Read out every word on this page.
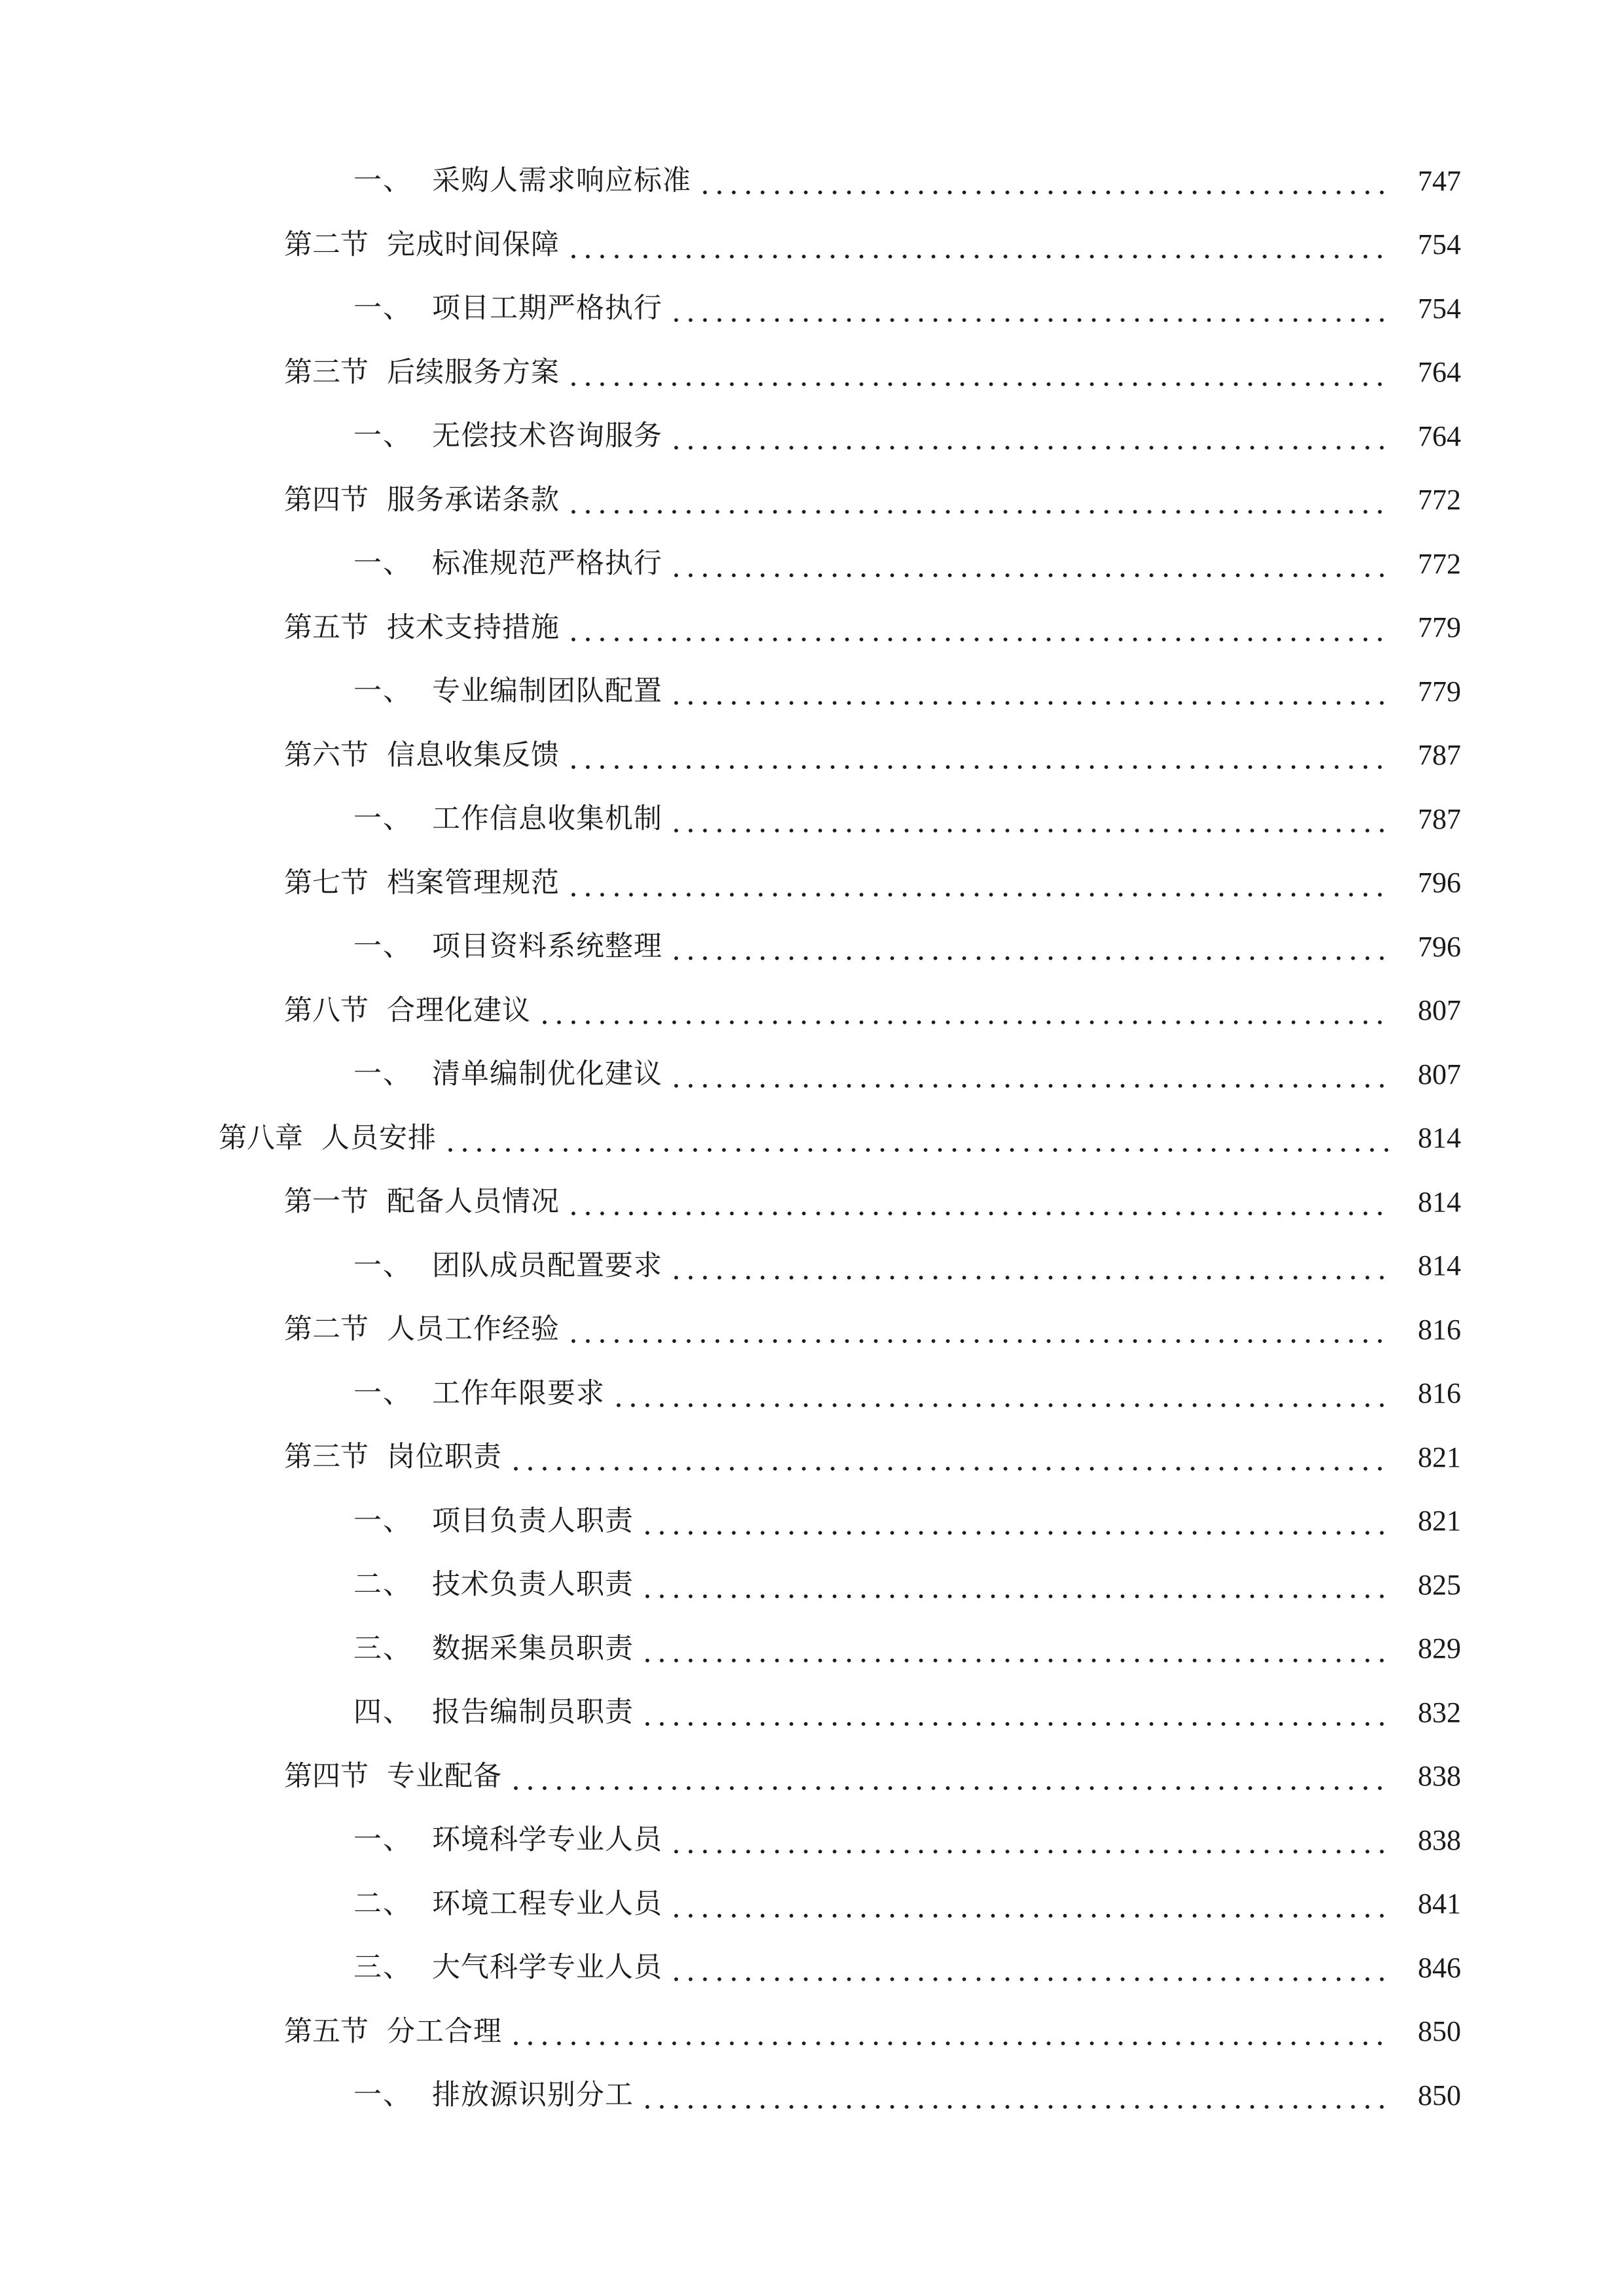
一、 采购人需求响应标准	747
第二节 完成时间保障	754
一、 项目工期严格执行	754
第三节 后续服务方案	764
一、 无偿技术咨询服务	764
第四节 服务承诺条款	772
一、 标准规范严格执行	772
第五节 技术支持措施	779
一、 专业编制团队配置	779
第六节 信息收集反馈	787
一、 工作信息收集机制	787
第七节 档案管理规范	796
一、 项目资料系统整理	796
第八节 合理化建议	807
一、 清单编制优化建议	807
第八章 人员安排	814
第一节 配备人员情况	814
一、 团队成员配置要求	814
第二节 人员工作经验	816
一、 工作年限要求	816
第三节 岗位职责	821
一、 项目负责人职责	821
二、 技术负责人职责	825
三、 数据采集员职责	829
四、 报告编制员职责	832
第四节 专业配备	838
一、 环境科学专业人员	838
二、 环境工程专业人员	841
三、 大气科学专业人员	846
第五节 分工合理	850
一、 排放源识别分工	850
